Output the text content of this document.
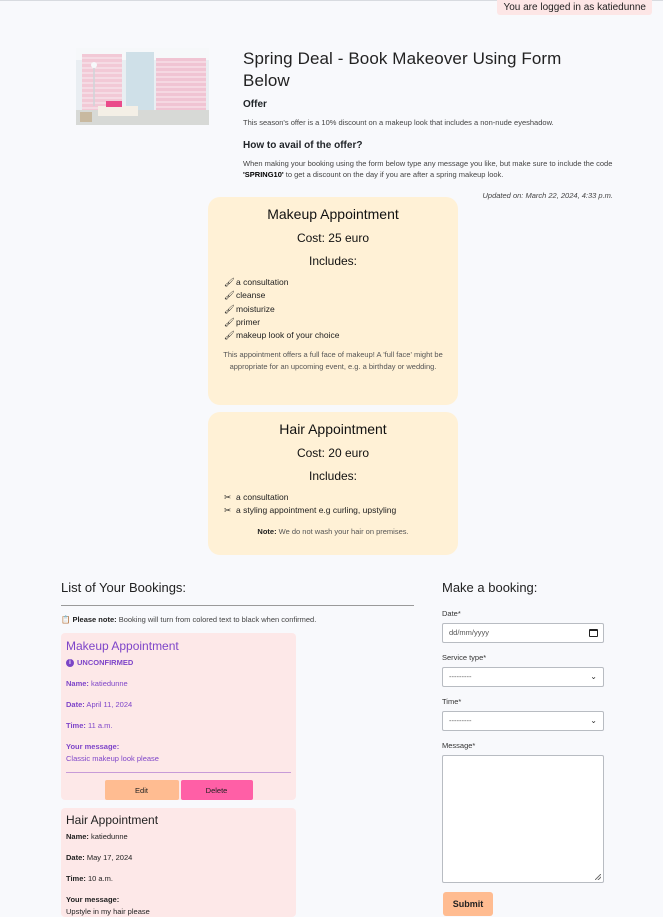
You are logged in as katiedunne
Spring Deal - Book Makeover Using Form Below
Offer

This season's offer is a 10% discount on a makeup look that includes a non-nude eyeshadow.

How to avail of the offer?

When making your booking using the form below type any message you like, but make sure to include the code 'SPRING10' to get a discount on the day if you are after a spring makeup look.

Updated on: March 22, 2024, 4:33 p.m.
Makeup Appointment
Cost: 25 euro
Includes:
🖌 a consultation
🖌 cleanse
🖌 moisturize
🖌 primer
🖌 makeup look of your choice
This appointment offers a full face of makeup! A 'full face' might be appropriate for an upcoming event, e.g. a birthday or wedding.
Hair Appointment
Cost: 20 euro
Includes:
✂ a consultation
✂ a styling appointment e.g curling, upstyling
Note: We do not wash your hair on premises.
List of Your Bookings:
📋 Please note: Booking will turn from colored text to black when confirmed.
Makeup Appointment
i UNCONFIRMED
Name: katiedunne
Date: April 11, 2024
Time: 11 a.m.
Your message:
Classic makeup look please
Edit	Delete
Hair Appointment
Name: katiedunne
Date: May 17, 2024
Time: 10 a.m.
Your message:
Upstyle in my hair please
Make a booking:
Date*
dd/mm/yyyy
Service type*
---------	⌄
Time*
---------	⌄
Message*
Submit
